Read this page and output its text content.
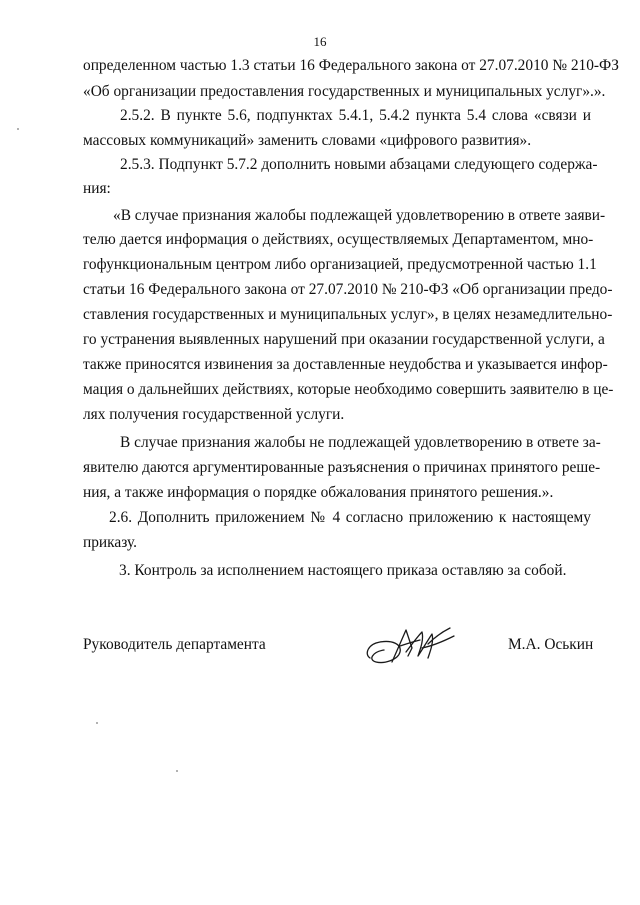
16
определенном частью 1.3 статьи 16 Федерального закона от 27.07.2010 № 210-ФЗ
«Об организации предоставления государственных и муниципальных услуг».».
2.5.2. В пункте 5.6, подпунктах 5.4.1, 5.4.2 пункта 5.4 слова «связи и
массовых коммуникаций» заменить словами «цифрового развития».
2.5.3. Подпункт 5.7.2 дополнить новыми абзацами следующего содержа-
ния:
«В случае признания жалобы подлежащей удовлетворению в ответе заяви-
телю дается информация о действиях, осуществляемых Департаментом, мно-
гофункциональным центром либо организацией, предусмотренной частью 1.1
статьи 16 Федерального закона от 27.07.2010 № 210-ФЗ «Об организации предо-
ставления государственных и муниципальных услуг», в целях незамедлительно-
го устранения выявленных нарушений при оказании государственной услуги, а
также приносятся извинения за доставленные неудобства и указывается инфор-
мация о дальнейших действиях, которые необходимо совершить заявителю в це-
лях получения государственной услуги.
В случае признания жалобы не подлежащей удовлетворению в ответе за-
явителю даются аргументированные разъяснения о причинах принятого реше-
ния, а также информация о порядке обжалования принятого решения.».
2.6. Дополнить приложением № 4 согласно приложению к настоящему
приказу.
3. Контроль за исполнением настоящего приказа оставляю за собой.
Руководитель департамента	М.А. Оськин
